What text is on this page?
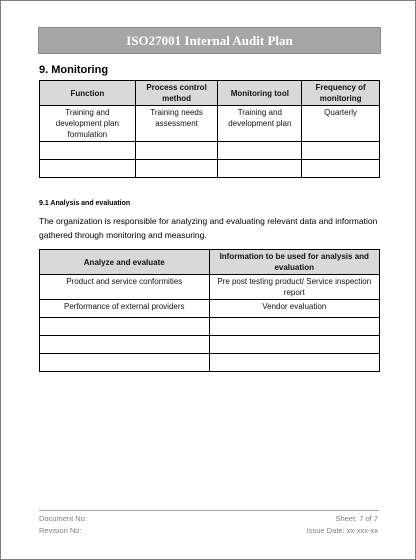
ISO27001 Internal Audit Plan
9. Monitoring
Function	Process control method	Monitoring tool	Frequency of monitoring
Training and development plan formulation	Training needs assessment	Training and development plan	Quarterly

9.1 Analysis and evaluation
The organization is responsible for analyzing and evaluating relevant data and information gathered through monitoring and measuring.
Analyze and evaluate	Information to be used for analysis and evaluation
Product and service conformities	Pre post testing product/ Service inspection report
Performance of external providers	Vendor evaluation

Document No:
Revision No:
Sheet: 7 of 7
Issue Date: xx-xxx-xx
